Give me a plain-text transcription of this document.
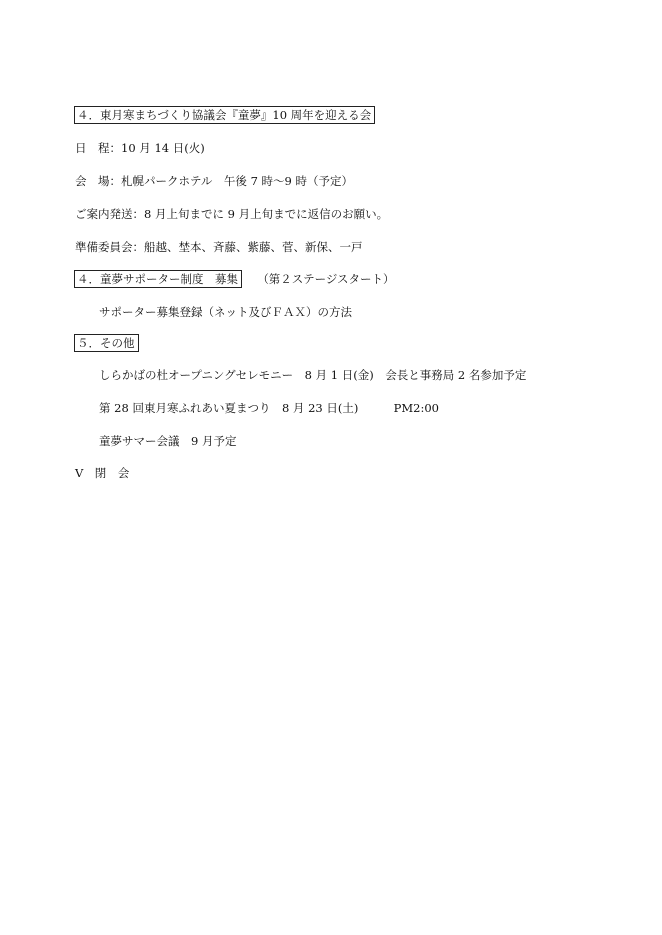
４．東月寒まちづくり協議会『童夢』10 周年を迎える会
日　程：10 月 14 日(火)
会　場：札幌パークホテル　午後 7 時～9 時（予定）
ご案内発送：8 月上旬までに 9 月上旬までに返信のお願い。
準備委員会：船越、埜本、斉藤、紫藤、菅、新保、一戸
４．童夢サポーター制度　募集 （第２ステージスタート）
サポーター募集登録（ネット及びＦＡＸ）の方法
５．その他
しらかばの杜オープニングセレモニー　8 月 1 日(金)　会長と事務局 2 名参加予定
第 28 回東月寒ふれあい夏まつり　8 月 23 日(土)	PM2:00
童夢サマー会議　9 月予定
Ⅴ　閉　会
